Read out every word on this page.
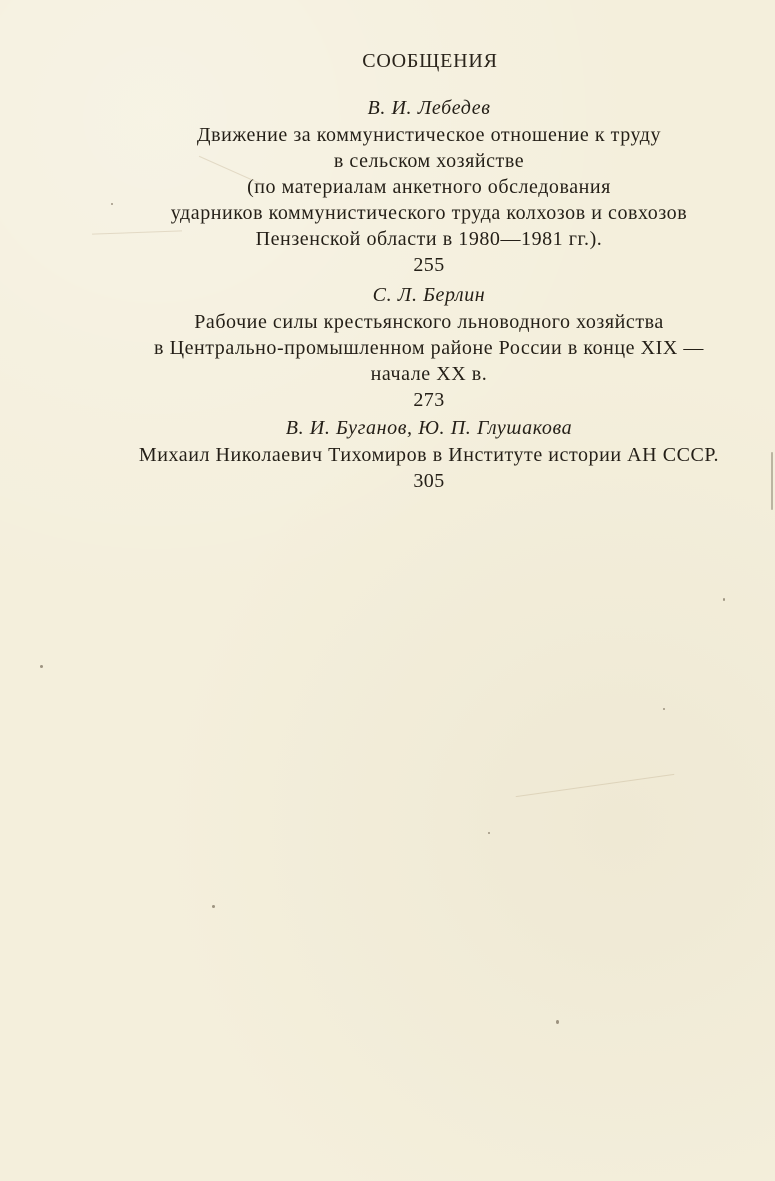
СООБЩЕНИЯ
В. И. Лебедев
Движение за коммунистическое отношение к труду
в сельском хозяйстве
(по материалам анкетного обследования
ударников коммунистического труда колхозов и совхозов
Пензенской области в 1980—1981 гг.).
255
С. Л. Берлин
Рабочие силы крестьянского льноводного хозяйства
в Центрально-промышленном районе России в конце XIX —
начале XX в.
273
В. И. Буганов, Ю. П. Глушакова
Михаил Николаевич Тихомиров в Институте истории АН СССР.
305
